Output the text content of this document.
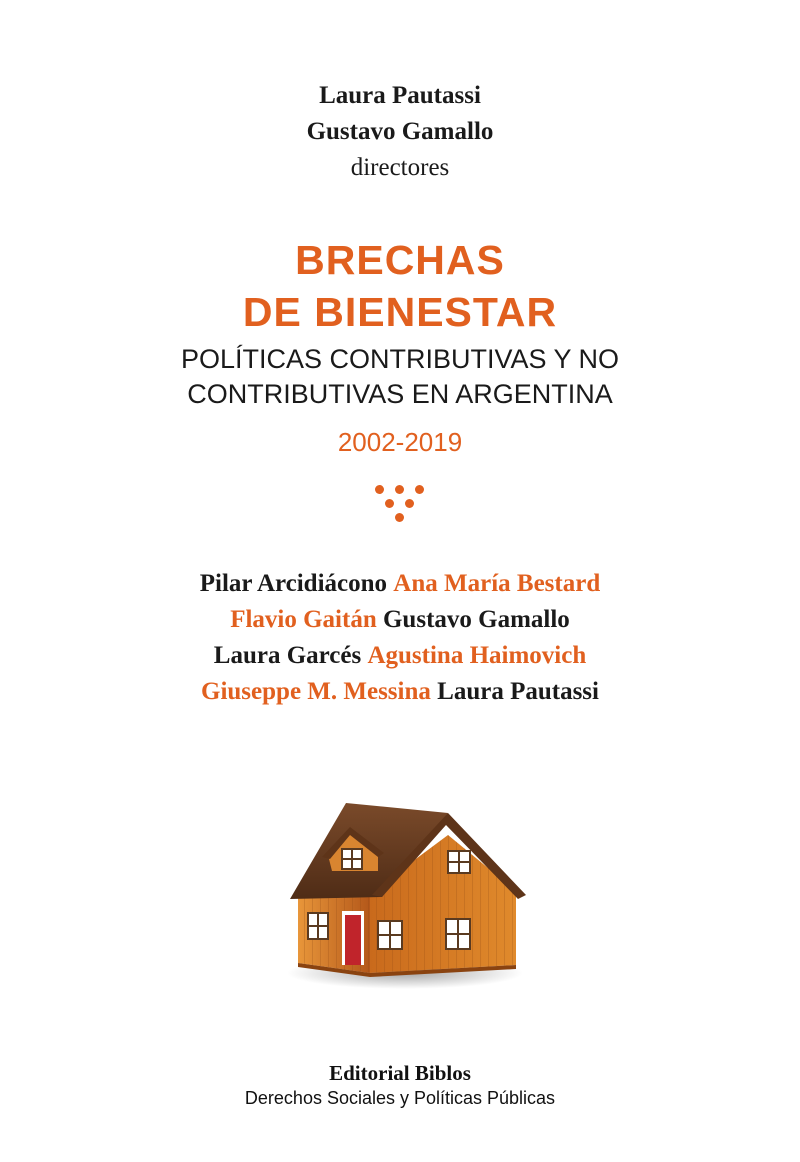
Laura Pautassi
Gustavo Gamallo
directores
BRECHAS
DE BIENESTAR
POLÍTICAS CONTRIBUTIVAS Y NO
CONTRIBUTIVAS EN ARGENTINA
2002-2019
Pilar Arcidiácono Ana María Bestard
Flavio Gaitán Gustavo Gamallo
Laura Garcés Agustina Haimovich
Giuseppe M. Messina Laura Pautassi
Editorial Biblos
Derechos Sociales y Políticas Públicas
